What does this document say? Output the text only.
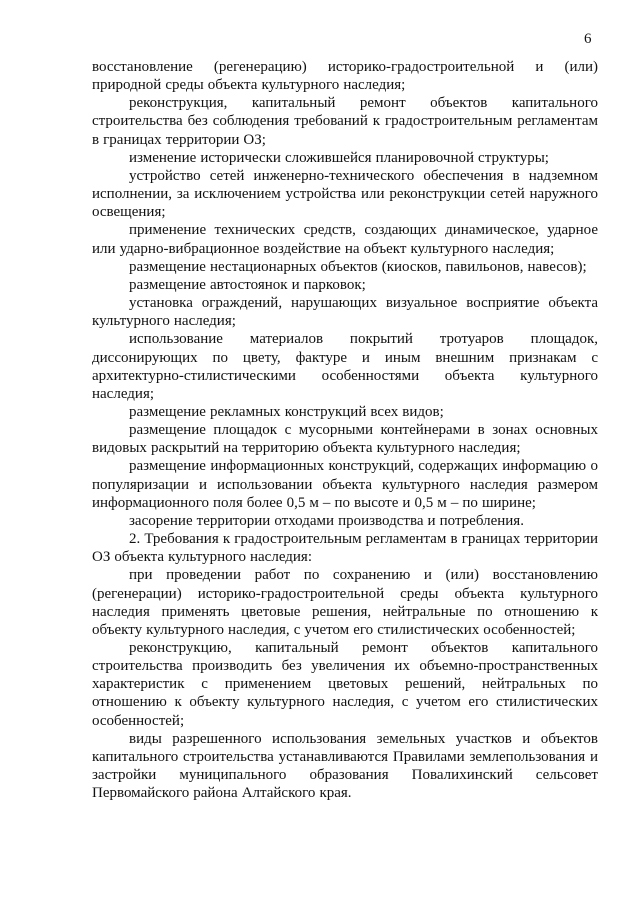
6

восстановление (регенерацию) историко-градостроительной и (или) природной среды объекта культурного наследия;

реконструкция, капитальный ремонт объектов капитального строительства без соблюдения требований к градостроительным регламентам в границах территории ОЗ;

изменение исторически сложившейся планировочной структуры;

устройство сетей инженерно-технического обеспечения в надземном исполнении, за исключением устройства или реконструкции сетей наружного освещения;

применение технических средств, создающих динамическое, ударное или ударно-вибрационное воздействие на объект культурного наследия;

размещение нестационарных объектов (киосков, павильонов, навесов);

размещение автостоянок и парковок;

установка ограждений, нарушающих визуальное восприятие объекта культурного наследия;

использование материалов покрытий тротуаров площадок, диссонирующих по цвету, фактуре и иным внешним признакам с архитектурно-стилистическими особенностями объекта культурного наследия;

размещение рекламных конструкций всех видов;

размещение площадок с мусорными контейнерами в зонах основных видовых раскрытий на территорию объекта культурного наследия;

размещение информационных конструкций, содержащих информацию о популяризации и использовании объекта культурного наследия размером информационного поля более 0,5 м – по высоте и 0,5 м – по ширине;

засорение территории отходами производства и потребления.

2. Требования к градостроительным регламентам в границах территории ОЗ объекта культурного наследия:

при проведении работ по сохранению и (или) восстановлению (регенерации) историко-градостроительной среды объекта культурного наследия применять цветовые решения, нейтральные по отношению к объекту культурного наследия, с учетом его стилистических особенностей;

реконструкцию, капитальный ремонт объектов капитального строительства производить без увеличения их объемно-пространственных характеристик с применением цветовых решений, нейтральных по отношению к объекту культурного наследия, с учетом его стилистических особенностей;

виды разрешенного использования земельных участков и объектов капитального строительства устанавливаются Правилами землепользования и застройки муниципального образования Повалихинский сельсовет Первомайского района Алтайского края.
